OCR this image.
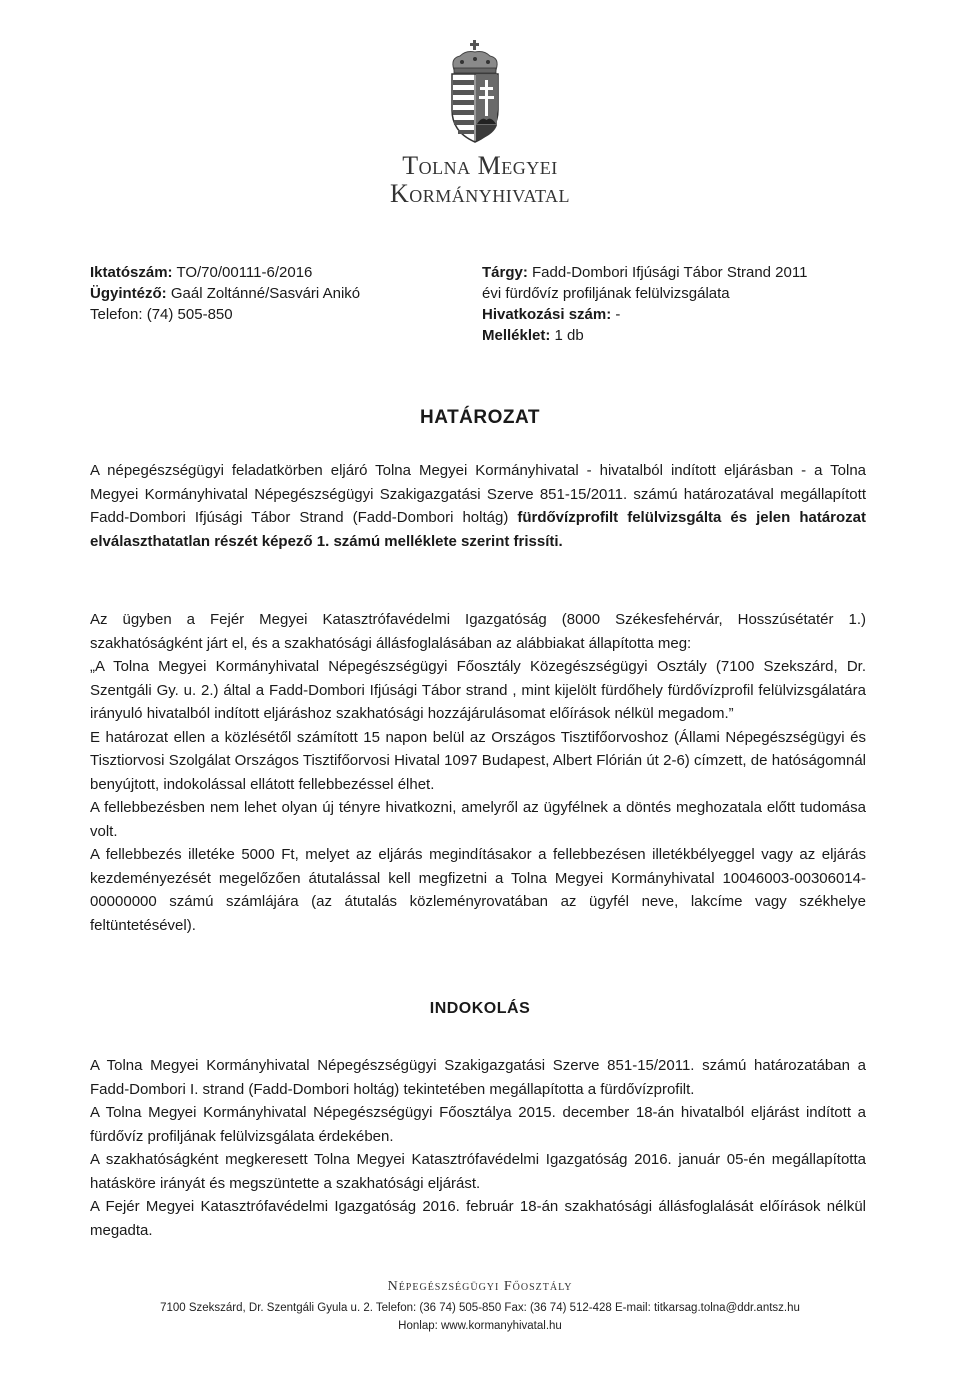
Tolna Megyei
Kormányhivatal
Iktatószám: TO/70/00111-6/2016
Ügyintéző: Gaál Zoltánné/Sasvári Anikó
Telefon: (74) 505-850
Tárgy: Fadd-Dombori Ifjúsági Tábor Strand 2011
évi fürdővíz profiljának felülvizsgálata
Hivatkozási szám: -
Melléklet: 1 db
HATÁROZAT

A népegészségügyi feladatkörben eljáró Tolna Megyei Kormányhivatal - hivatalból indított eljárásban - a Tolna Megyei Kormányhivatal Népegészségügyi Szakigazgatási Szerve 851-15/2011. számú határozatával megállapított Fadd-Dombori Ifjúsági Tábor Strand (Fadd-Dombori holtág) fürdővízprofilt felülvizsgálta és jelen határozat elválaszthatatlan részét képező 1. számú melléklete szerint frissíti.

Az ügyben a Fejér Megyei Katasztrófavédelmi Igazgatóság (8000 Székesfehérvár, Hosszúsétatér 1.) szakhatóságként járt el, és a szakhatósági állásfoglalásában az alábbiakat állapította meg:

„A Tolna Megyei Kormányhivatal Népegészségügyi Főosztály Közegészségügyi Osztály (7100 Szekszárd, Dr. Szentgáli Gy. u. 2.) által a Fadd-Dombori Ifjúsági Tábor strand , mint kijelölt fürdőhely fürdővízprofil felülvizsgálatára irányuló hivatalból indított eljáráshoz szakhatósági hozzájárulásomat előírások nélkül megadom.”

E határozat ellen a közlésétől számított 15 napon belül az Országos Tisztifőorvoshoz (Állami Népegészségügyi és Tisztiorvosi Szolgálat Országos Tisztifőorvosi Hivatal 1097 Budapest, Albert Flórián út 2-6) címzett, de hatóságomnál benyújtott, indokolással ellátott fellebbezéssel élhet.

A fellebbezésben nem lehet olyan új tényre hivatkozni, amelyről az ügyfélnek a döntés meghozatala előtt tudomása volt.

A fellebbezés illetéke 5000 Ft, melyet az eljárás megindításakor a fellebbezésen illetékbélyeggel vagy az eljárás kezdeményezését megelőzően átutalással kell megfizetni a Tolna Megyei Kormányhivatal 10046003-00306014-00000000 számú számlájára (az átutalás közleményrovatában az ügyfél neve, lakcíme vagy székhelye feltüntetésével).

INDOKOLÁS

A Tolna Megyei Kormányhivatal Népegészségügyi Szakigazgatási Szerve 851-15/2011. számú határozatában a Fadd-Dombori I. strand (Fadd-Dombori holtág) tekintetében megállapította a fürdővízprofilt.

A Tolna Megyei Kormányhivatal Népegészségügyi Főosztálya 2015. december 18-án hivatalból eljárást indított a fürdővíz profiljának felülvizsgálata érdekében.

A szakhatóságként megkeresett Tolna Megyei Katasztrófavédelmi Igazgatóság 2016. január 05-én megállapította hatásköre irányát és megszüntette a szakhatósági eljárást.

A Fejér Megyei Katasztrófavédelmi Igazgatóság 2016. február 18-án szakhatósági állásfoglalását előírások nélkül megadta.

Népegészségügyi Főosztály
7100 Szekszárd, Dr. Szentgáli Gyula u. 2. Telefon: (36 74) 505-850 Fax: (36 74) 512-428 E-mail: titkarsag.tolna@ddr.antsz.hu
Honlap: www.kormanyhivatal.hu
